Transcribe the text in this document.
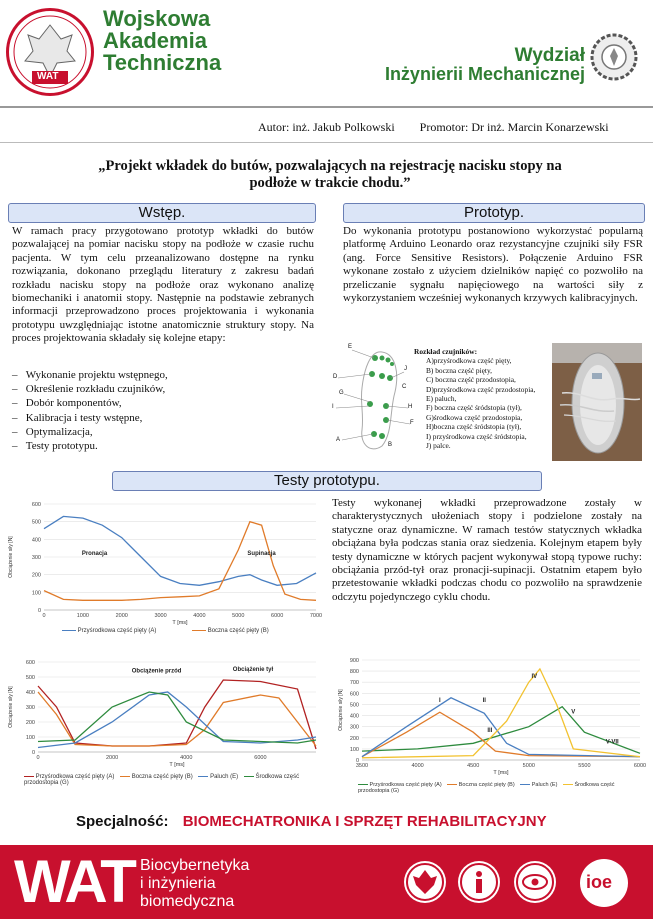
WAT
Wojskowa
Akademia
Techniczna	Wydział
Inżynierii Mechanicznej
Autor: inż. Jakub Polkowski Promotor: Dr inż. Marcin Konarzewski
„Projekt wkładek do butów, pozwalających na rejestrację nacisku stopy na
podłoże w trakcie chodu.”
Wstęp.
W ramach pracy przygotowano prototyp wkładki do butów pozwalającej na pomiar nacisku stopy na podłoże w czasie ruchu pacjenta. W tym celu przeanalizowano dostępne na rynku rozwiązania, dokonano przeglądu literatury z zakresu badań rozkładu nacisku stopy na podłoże oraz wykonano analizę biomechaniki i anatomii stopy. Następnie na podstawie zebranych informacji przeprowadzono proces projektowania i wykonania prototypu uwzględniając istotne anatomicznie struktury stopy. Na proces projektowania składały się kolejne etapy:
– Wykonanie projektu wstępnego,
– Określenie rozkładu czujników,
– Dobór komponentów,
– Kalibracja i testy wstępne,
– Optymalizacja,
– Testy prototypu.
Prototyp.
Do wykonania prototypu postanowiono wykorzystać popularną platformę Arduino Leonardo oraz rezystancyjne czujniki siły FSR (ang. Force Sensitive Resistors). Połączenie Arduino FSR wykonane zostało z użyciem dzielników napięć co pozwoliło na przeliczanie sygnału napięciowego na wartości siły z wykorzystaniem wcześniej wykonanych krzywych kalibracyjnych.
E
D
G
J
I
A
B
C
H
F
Rozkład czujników:
A)przyśrodkowa część pięty,
B) boczna część pięty,
C) boczna część przodostopia,
D)przyśrodkowa część przodostopia,
E) paluch,
F) boczna część śródstopia (tył),
G)środkowa część przodostopia,
H)boczna część śródstopia (tył),
I) przyśrodkowa część śródstopia,
J) palce.
Testy prototypu.
0
100
200
300
400
500
600
0	1000	2000	3000	4000	5000	6000	7000
T [ms]
Obciążenie siły [N]	Pronacja	Supinacja
Przyśrodkowa część pięty (A)	Boczna część pięty (B)
Testy wykonanej wkładki przeprowadzone zostały w charakterystycznych ułożeniach stopy i podzielone zostały na statyczne oraz dynamiczne. W ramach testów statycznych wkładka obciążana była podczas stania oraz siedzenia. Kolejnym etapem były testy dynamiczne w których pacjent wykonywał stopą typowe ruchy: obciążania przód-tył oraz pronacji-supinacji. Ostatnim etapem było przetestowanie wkładki podczas chodu co pozwoliło na sprawdzenie odczytu pojedynczego cyklu chodu.
0
100
200
300
400
500
600
0	2000	4000	6000
T [ms]
Obciążenie siły [N]
Obciążenie przód	Obciążenie tył
Przyśrodkowa część pięty (A)	Boczna część pięty (B)	Paluch (E)	Środkowa część przodostopia (G)
0
100
200
300
400
500
600
700
800
900
3500	4000	4500	5000	5500	6000
T [ms]
Obciążenie siły [N]	I	II
III
IV
V
V-VII
Przyśrodkowa część pięty (A)	Boczna część pięty (B)	Paluch (E)	Środkowa część przodostopia (G)
Specjalność: BIOMECHATRONIKA I SPRZĘT REHABILITACYJNY
WAT Biocybernetyka
i inżynieria
biomedyczna
ioe
